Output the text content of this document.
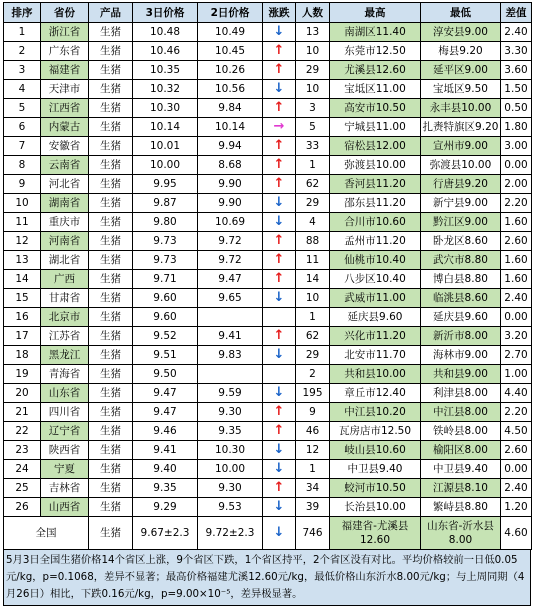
排序	省份	产品	3日价格	2日价格	涨跌	人数	最高	最低	差值
1	浙江省	生猪	10.48	10.49	↓	13	南湖区11.40	淳安县9.00	2.40
2	广东省	生猪	10.46	10.45	↑	10	东莞市12.50	梅县9.20	3.30
3	福建省	生猪	10.35	10.26	↑	29	尤溪县12.60	延平区9.00	3.60
4	天津市	生猪	10.32	10.56	↓	10	宝坻区11.00	宝坻区9.50	1.50
5	江西省	生猪	10.30	9.84	↑	3	高安市10.50	永丰县10.00	0.50
6	内蒙古	生猪	10.14	10.14	→	5	宁城县11.00	扎赉特旗区9.20	1.80
7	安徽省	生猪	10.01	9.94	↑	33	宿松县12.00	宣州市9.00	3.00
8	云南省	生猪	10.00	8.68	↑	1	弥渡县10.00	弥渡县10.00	0.00
9	河北省	生猪	9.95	9.90	↑	62	香河县11.20	行唐县9.20	2.00
10	湖南省	生猪	9.87	9.90	↓	29	邵东县11.20	新宁县9.00	2.20
11	重庆市	生猪	9.80	10.69	↓	4	合川市10.60	黔江区9.00	1.60
12	河南省	生猪	9.73	9.72	↑	88	孟州市11.20	卧龙区8.60	2.60
13	湖北省	生猪	9.73	9.72	↑	11	仙桃市10.40	武穴市8.80	1.60
14	广西	生猪	9.71	9.47	↑	14	八步区10.40	博白县8.80	1.60
15	甘肃省	生猪	9.60	9.65	↓	10	武威市11.00	临洮县8.60	2.40
16	北京市	生猪	9.60			1	延庆县9.60	延庆县9.60	0.00
17	江苏省	生猪	9.52	9.41	↑	62	兴化市11.20	新沂市8.00	3.20
18	黑龙江	生猪	9.51	9.83	↓	29	北安市11.70	海林市9.00	2.70
19	青海省	生猪	9.50			2	共和县10.00	共和县9.00	1.00
20	山东省	生猪	9.47	9.59	↓	195	章丘市12.40	利津县8.00	4.40
21	四川省	生猪	9.47	9.30	↑	9	中江县10.20	中江县8.00	2.20
22	辽宁省	生猪	9.46	9.35	↑	46	瓦房店市12.50	铁岭县8.00	4.50
23	陕西省	生猪	9.41	10.30	↓	12	岐山县10.60	榆阳区8.00	2.60
24	宁夏	生猪	9.40	10.00	↓	1	中卫县9.40	中卫县9.40	0.00
25	吉林省	生猪	9.35	9.30	↑	34	蛟河市10.50	江源县8.10	2.40
26	山西省	生猪	9.29	9.53	↓	39	长治县10.00	繁峙县8.80	1.20
全国		生猪	9.67±2.3	9.72±2.3	↓	746	福建省-尤溪县12.60	山东省-沂水县8.00	4.60
5月3日全国生猪价格14个省区上涨，9个省区下跌，1个省区持平，2个省区没有对比。平均价格较前一日低0.05元/kg，p=0.1068，差异不显著；最高价格福建尤溪12.60元/kg，最低价格山东沂水8.00元/kg；与上周同期（4月26日）相比，下跌0.16元/kg，p=9.00×10⁻⁵，差异极显著。
